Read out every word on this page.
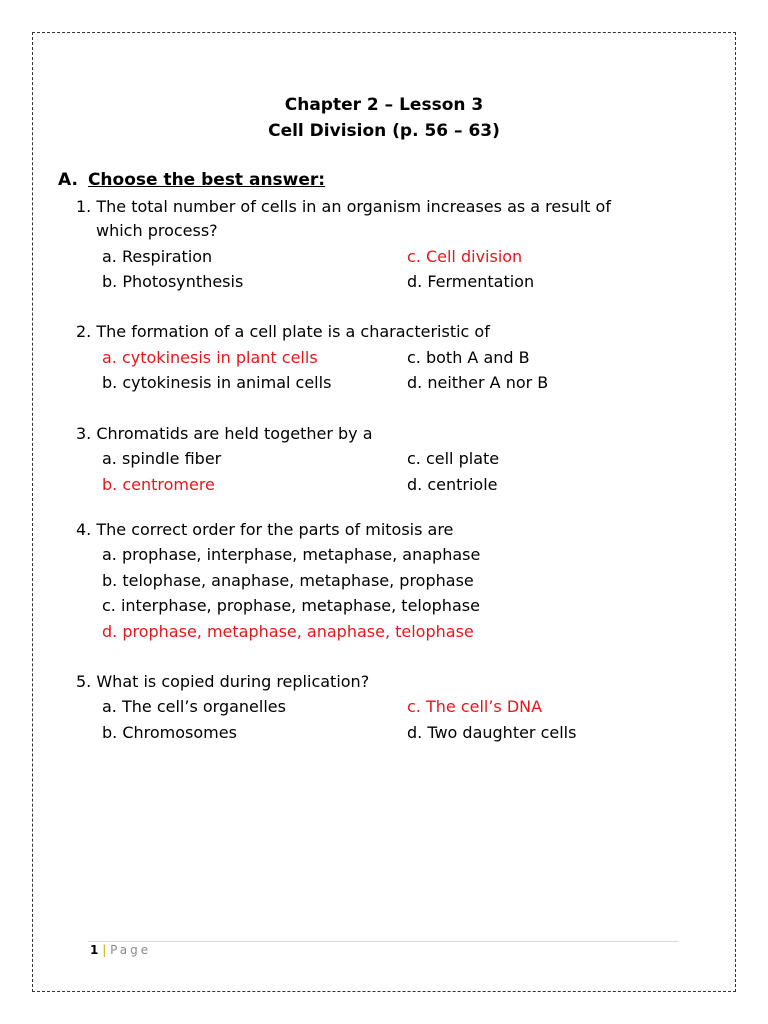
Chapter 2 – Lesson 3
Cell Division (p. 56 – 63)
A. Choose the best answer:
1. The total number of cells in an organism increases as a result of
which process?
a. Respiration	c. Cell division
b. Photosynthesis	d. Fermentation
2. The formation of a cell plate is a characteristic of
a. cytokinesis in plant cells	c. both A and B
b. cytokinesis in animal cells	d. neither A nor B
3. Chromatids are held together by a
a. spindle fiber	c. cell plate
b. centromere	d. centriole
4. The correct order for the parts of mitosis are
a. prophase, interphase, metaphase, anaphase
b. telophase, anaphase, metaphase, prophase
c. interphase, prophase, metaphase, telophase
d. prophase, metaphase, anaphase, telophase
5. What is copied during replication?
a. The cell’s organelles	c. The cell’s DNA
b. Chromosomes	d. Two daughter cells
1 | Page
